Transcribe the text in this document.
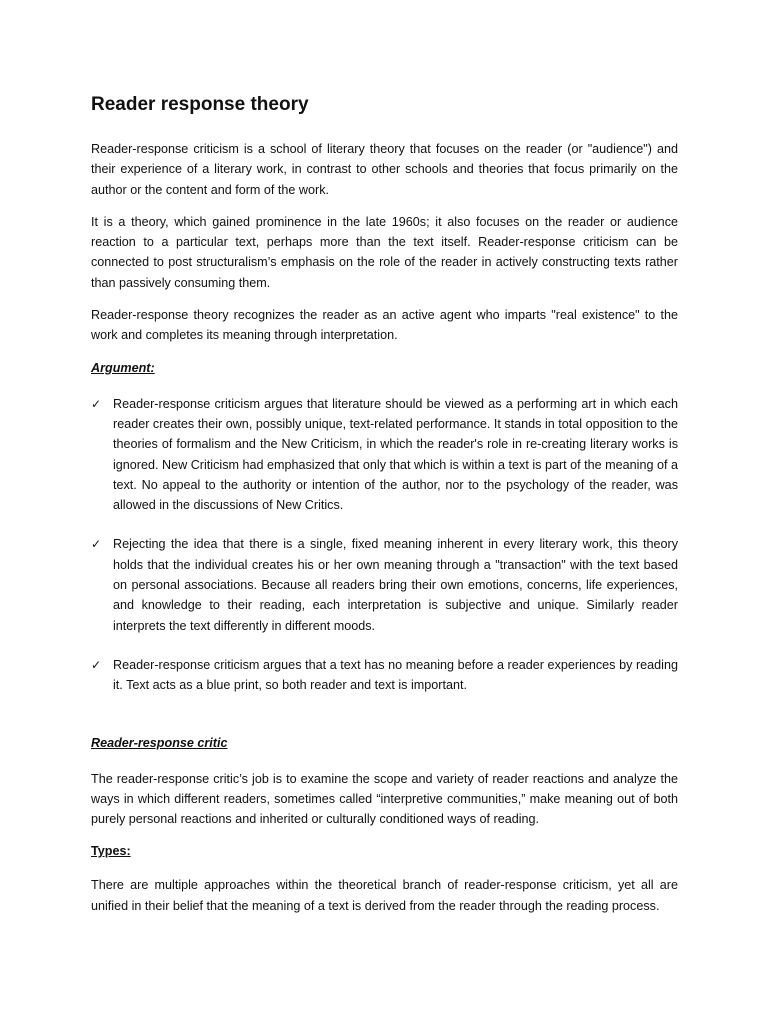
Reader response theory

Reader-response criticism is a school of literary theory that focuses on the reader (or "audience") and their experience of a literary work, in contrast to other schools and theories that focus primarily on the author or the content and form of the work.

It is a theory, which gained prominence in the late 1960s; it also focuses on the reader or audience reaction to a particular text, perhaps more than the text itself. Reader-response criticism can be connected to post structuralism’s emphasis on the role of the reader in actively constructing texts rather than passively consuming them.

Reader-response theory recognizes the reader as an active agent who imparts "real existence" to the work and completes its meaning through interpretation.

Argument:
✓ Reader-response criticism argues that literature should be viewed as a performing art in which each reader creates their own, possibly unique, text-related performance. It stands in total opposition to the theories of formalism and the New Criticism, in which the reader's role in re-creating literary works is ignored. New Criticism had emphasized that only that which is within a text is part of the meaning of a text. No appeal to the authority or intention of the author, nor to the psychology of the reader, was allowed in the discussions of New Critics.

✓ Rejecting the idea that there is a single, fixed meaning inherent in every literary work, this theory holds that the individual creates his or her own meaning through a "transaction" with the text based on personal associations. Because all readers bring their own emotions, concerns, life experiences, and knowledge to their reading, each interpretation is subjective and unique. Similarly reader interprets the text differently in different moods.

✓ Reader-response criticism argues that a text has no meaning before a reader experiences by reading it. Text acts as a blue print, so both reader and text is important.

Reader-response critic

The reader-response critic’s job is to examine the scope and variety of reader reactions and analyze the ways in which different readers, sometimes called “interpretive communities,” make meaning out of both purely personal reactions and inherited or culturally conditioned ways of reading.

Types:

There are multiple approaches within the theoretical branch of reader-response criticism, yet all are unified in their belief that the meaning of a text is derived from the reader through the reading process.
